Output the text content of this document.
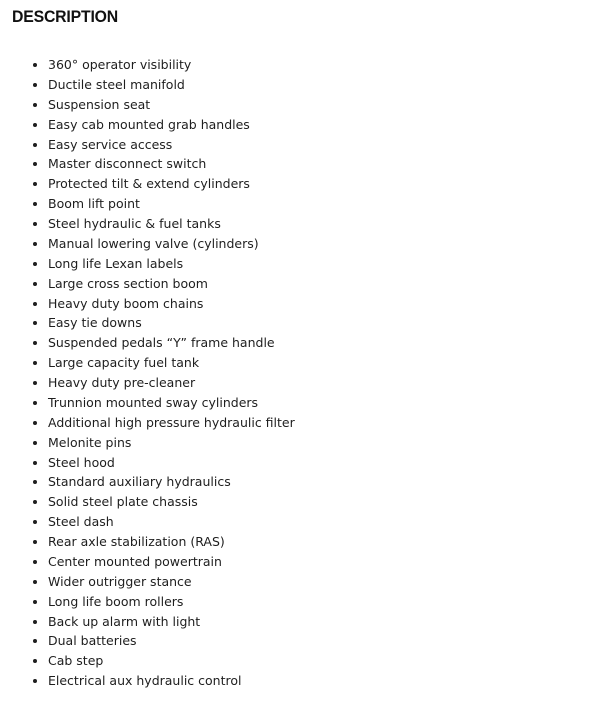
DESCRIPTION
360° operator visibility
Ductile steel manifold
Suspension seat
Easy cab mounted grab handles
Easy service access
Master disconnect switch
Protected tilt & extend cylinders
Boom lift point
Steel hydraulic & fuel tanks
Manual lowering valve (cylinders)
Long life Lexan labels
Large cross section boom
Heavy duty boom chains
Easy tie downs
Suspended pedals “Y” frame handle
Large capacity fuel tank
Heavy duty pre-cleaner
Trunnion mounted sway cylinders
Additional high pressure hydraulic filter
Melonite pins
Steel hood
Standard auxiliary hydraulics
Solid steel plate chassis
Steel dash
Rear axle stabilization (RAS)
Center mounted powertrain
Wider outrigger stance
Long life boom rollers
Back up alarm with light
Dual batteries
Cab step
Electrical aux hydraulic control
